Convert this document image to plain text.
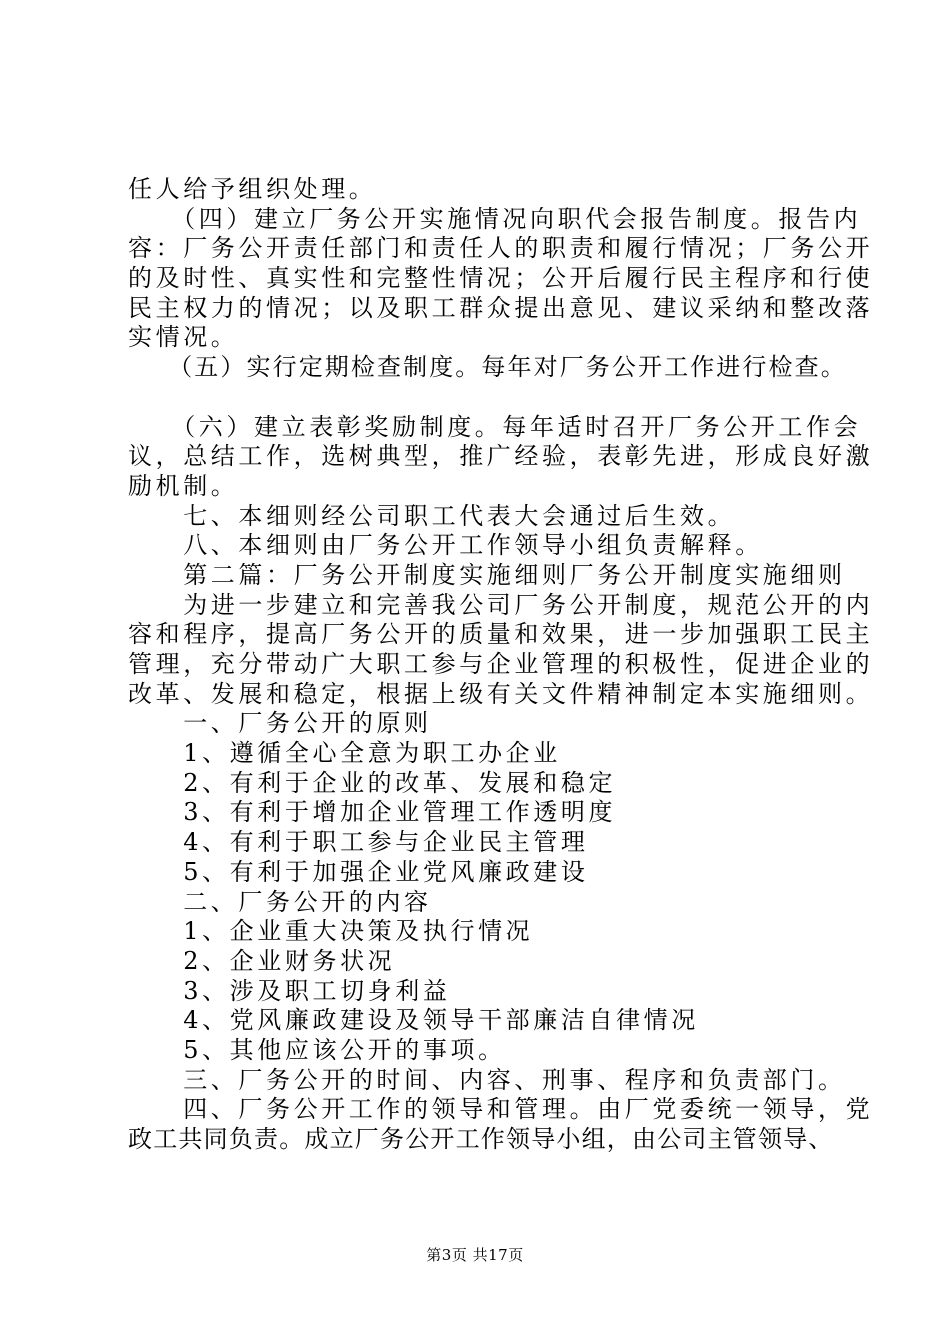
任人给予组织处理。
　　（四）建立厂务公开实施情况向职代会报告制度。报告内
容：厂务公开责任部门和责任人的职责和履行情况；厂务公开
的及时性、真实性和完整性情况；公开后履行民主程序和行使
民主权力的情况；以及职工群众提出意见、建议采纳和整改落
实情况。
　　（五）实行定期检查制度。每年对厂务公开工作进行检查。
　　（六）建立表彰奖励制度。每年适时召开厂务公开工作会
议，总结工作，选树典型，推广经验，表彰先进，形成良好激
励机制。
　　七、本细则经公司职工代表大会通过后生效。
　　八、本细则由厂务公开工作领导小组负责解释。
　　第二篇：厂务公开制度实施细则厂务公开制度实施细则
　　为进一步建立和完善我公司厂务公开制度，规范公开的内
容和程序，提高厂务公开的质量和效果，进一步加强职工民主
管理，充分带动广大职工参与企业管理的积极性，促进企业的
改革、发展和稳定，根据上级有关文件精神制定本实施细则。
　　一、厂务公开的原则
　　1、遵循全心全意为职工办企业
　　2、有利于企业的改革、发展和稳定
　　3、有利于增加企业管理工作透明度
　　4、有利于职工参与企业民主管理
　　5、有利于加强企业党风廉政建设
　　二、厂务公开的内容
　　1、企业重大决策及执行情况
　　2、企业财务状况
　　3、涉及职工切身利益
　　4、党风廉政建设及领导干部廉洁自律情况
　　5、其他应该公开的事项。
　　三、厂务公开的时间、内容、刑事、程序和负责部门。
　　四、厂务公开工作的领导和管理。由厂党委统一领导，党
政工共同负责。成立厂务公开工作领导小组，由公司主管领导、
第3页 共17页
